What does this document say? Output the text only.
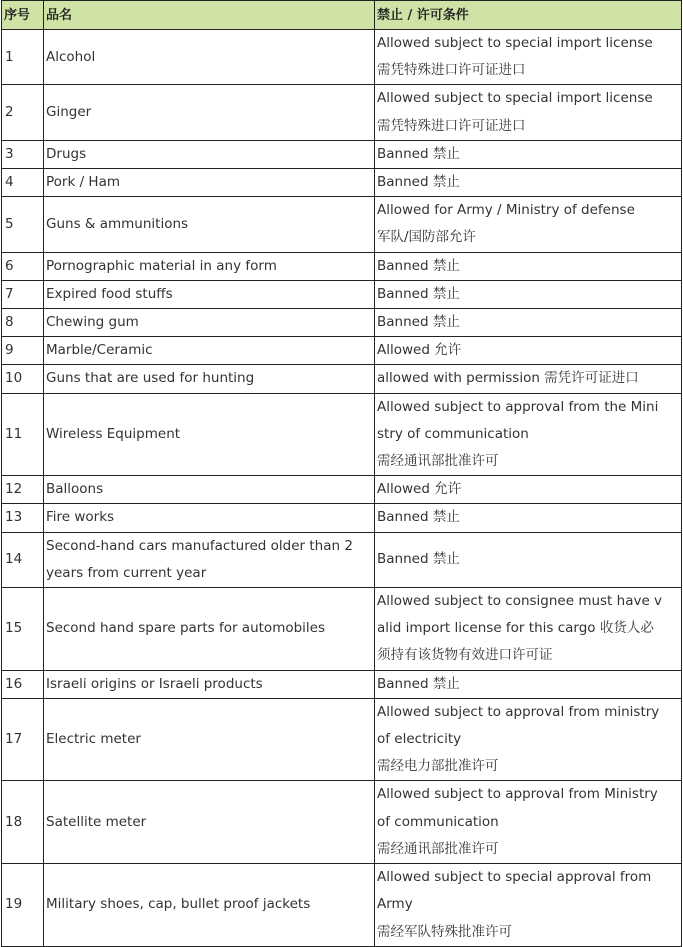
序号	品名	禁止 / 许可条件
1	Alcohol	Allowed subject to special import license
需凭特殊进口许可证进口

2	Ginger	Allowed subject to special import license
需凭特殊进口许可证进口

3	Drugs	Banned 禁止

4	Pork / Ham	Banned 禁止

5	Guns & ammunitions	Allowed for Army / Ministry of defense
军队/国防部允许

6	Pornographic material in any form	Banned 禁止

7	Expired food stuffs	Banned 禁止

8	Chewing gum	Banned 禁止

9	Marble/Ceramic	Allowed 允许

10	Guns that are used for hunting	allowed with permission 需凭许可证进口

11	Wireless Equipment	Allowed subject to approval from the Mini
stry of communication
需经通讯部批准许可

12	Balloons	Allowed 允许

13	Fire works	Banned 禁止

14	Second-hand cars manufactured older than 2
years from current year	Banned 禁止

15	Second hand spare parts for automobiles	Allowed subject to consignee must have v
alid import license for this cargo 收货人必
须持有该货物有效进口许可证

16	Israeli origins or Israeli products	Banned 禁止

17	Electric meter	Allowed subject to approval from ministry
of electricity
需经电力部批准许可

18	Satellite meter	Allowed subject to approval from Ministry
of communication
需经通讯部批准许可

19	Military shoes, cap, bullet proof jackets	Allowed subject to special approval from
Army
需经军队特殊批准许可
